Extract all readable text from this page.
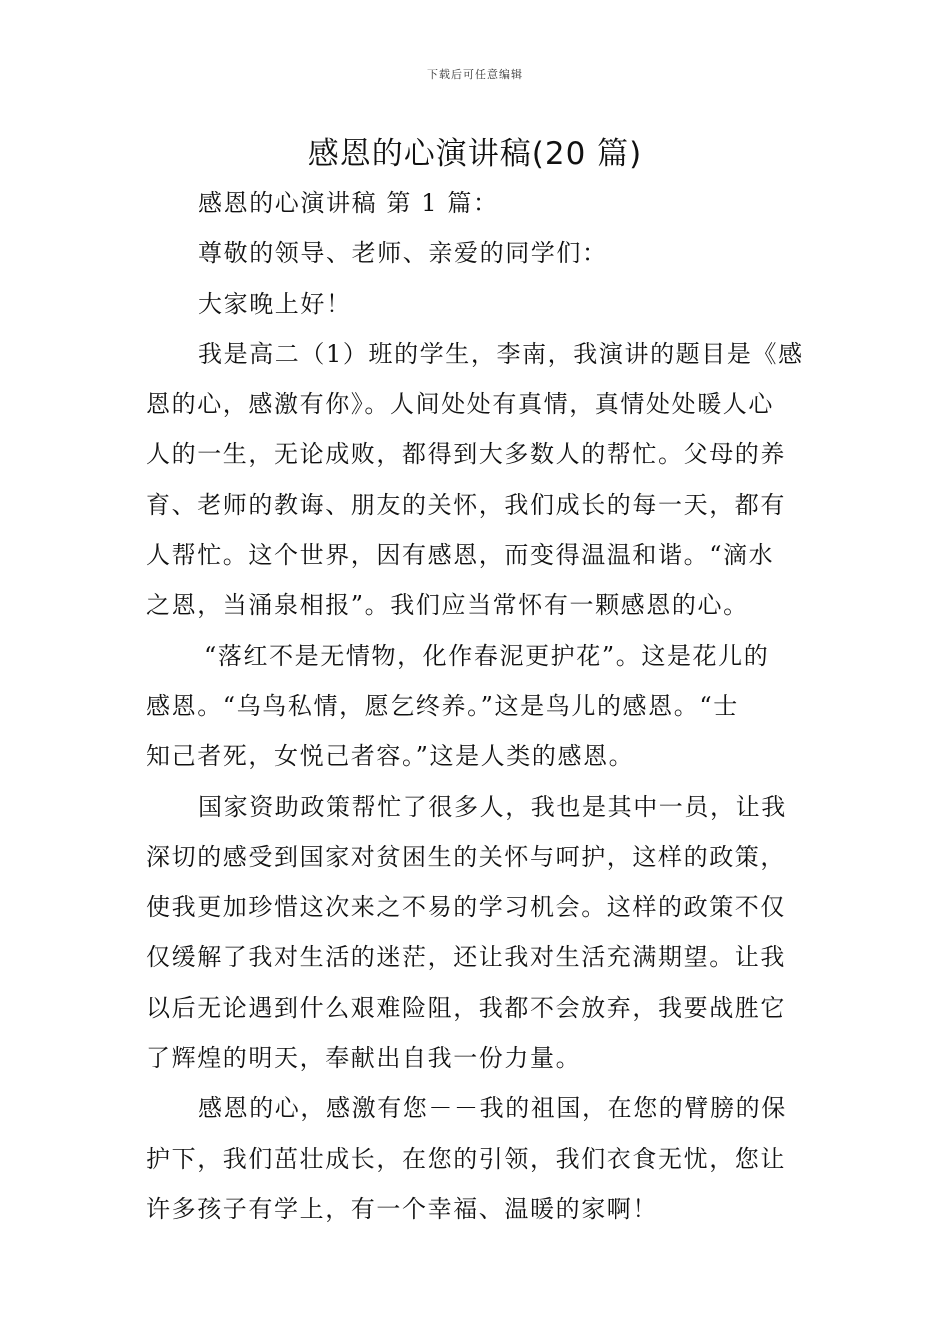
下载后可任意编辑
感恩的心演讲稿(20 篇)
感恩的心演讲稿 第 1 篇：
尊敬的领导、老师、亲爱的同学们：
大家晚上好！
我是高二（1）班的学生，李南，我演讲的题目是《感
恩的心，感激有你》。人间处处有真情，真情处处暖人心
人的一生，无论成败，都得到大多数人的帮忙。父母的养
育、老师的教诲、朋友的关怀，我们成长的每一天，都有
人帮忙。这个世界，因有感恩，而变得温温和谐。“滴水
之恩，当涌泉相报”。我们应当常怀有一颗感恩的心。
“落红不是无情物，化作春泥更护花”。这是花儿的
感恩。“乌鸟私情，愿乞终养。”这是鸟儿的感恩。“士
知己者死，女悦己者容。”这是人类的感恩。
国家资助政策帮忙了很多人，我也是其中一员，让我
深切的感受到国家对贫困生的关怀与呵护，这样的政策，
使我更加珍惜这次来之不易的学习机会。这样的政策不仅
仅缓解了我对生活的迷茫，还让我对生活充满期望。让我
以后无论遇到什么艰难险阻，我都不会放弃，我要战胜它
了辉煌的明天，奉献出自我一份力量。
感恩的心，感激有您－－我的祖国，在您的臂膀的保
护下，我们茁壮成长，在您的引领，我们衣食无忧，您让
许多孩子有学上，有一个幸福、温暖的家啊！
